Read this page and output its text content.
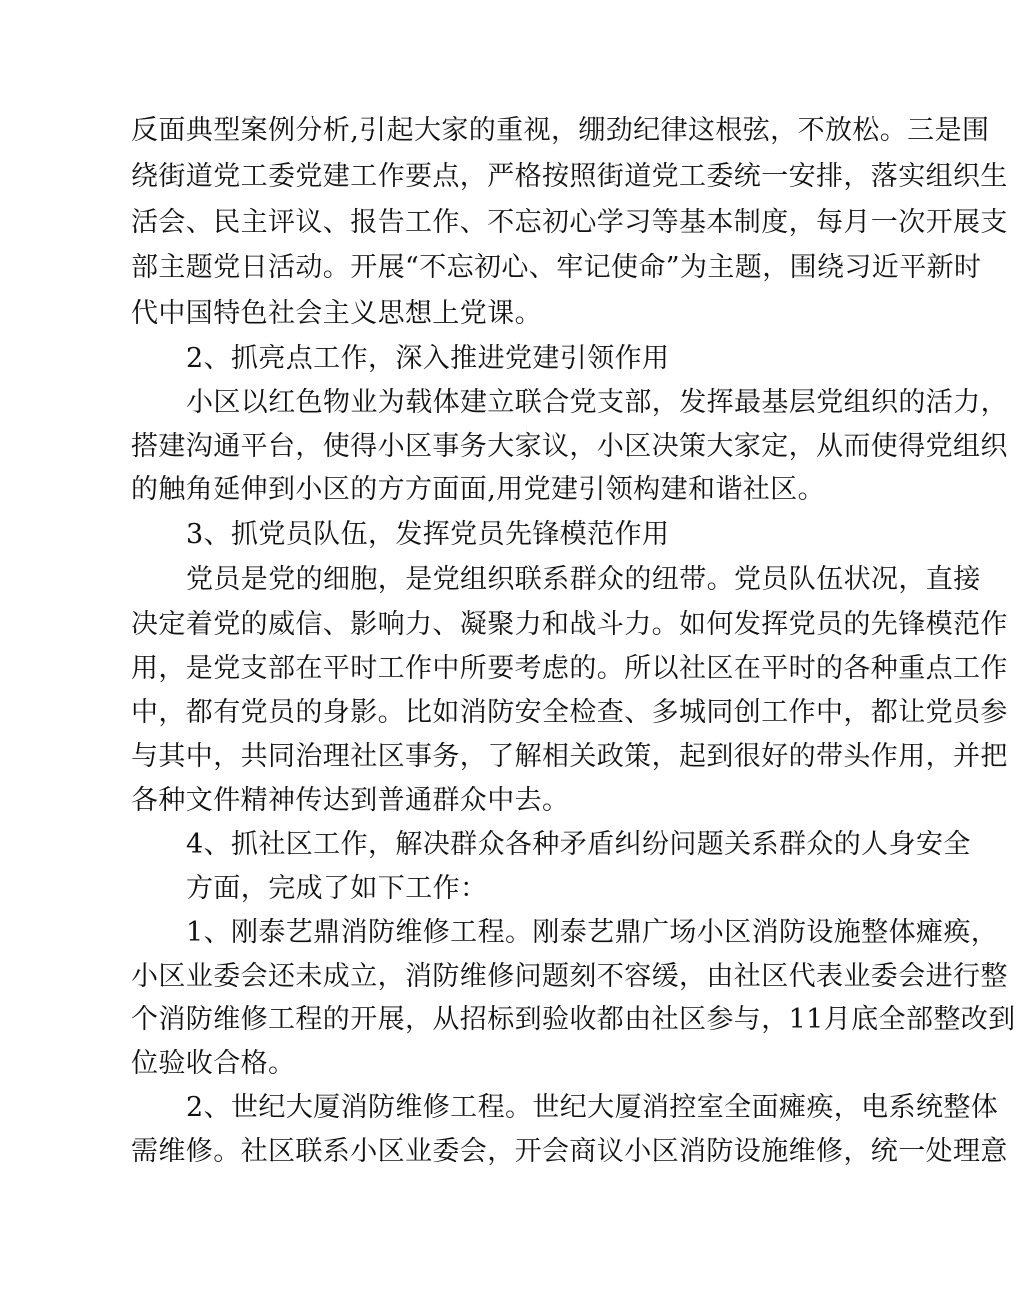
反面典型案例分析,引起大家的重视，绷劲纪律这根弦，不放松。三是围
绕街道党工委党建工作要点，严格按照街道党工委统一安排，落实组织生
活会、民主评议、报告工作、不忘初心学习等基本制度，每月一次开展支
部主题党日活动。开展“不忘初心、牢记使命”为主题，围绕习近平新时
代中国特色社会主义思想上党课。
2、抓亮点工作，深入推进党建引领作用
小区以红色物业为载体建立联合党支部，发挥最基层党组织的活力，
搭建沟通平台，使得小区事务大家议，小区决策大家定，从而使得党组织
的触角延伸到小区的方方面面,用党建引领构建和谐社区。
3、抓党员队伍，发挥党员先锋模范作用
党员是党的细胞，是党组织联系群众的纽带。党员队伍状况，直接
决定着党的威信、影响力、凝聚力和战斗力。如何发挥党员的先锋模范作
用，是党支部在平时工作中所要考虑的。所以社区在平时的各种重点工作
中，都有党员的身影。比如消防安全检查、多城同创工作中，都让党员参
与其中，共同治理社区事务，了解相关政策，起到很好的带头作用，并把
各种文件精神传达到普通群众中去。
4、抓社区工作，解决群众各种矛盾纠纷问题关系群众的人身安全
方面，完成了如下工作：
1、刚泰艺鼎消防维修工程。刚泰艺鼎广场小区消防设施整体瘫痪，
小区业委会还未成立，消防维修问题刻不容缓，由社区代表业委会进行整
个消防维修工程的开展，从招标到验收都由社区参与，11月底全部整改到
位验收合格。
2、世纪大厦消防维修工程。世纪大厦消控室全面瘫痪，电系统整体
需维修。社区联系小区业委会，开会商议小区消防设施维修，统一处理意
